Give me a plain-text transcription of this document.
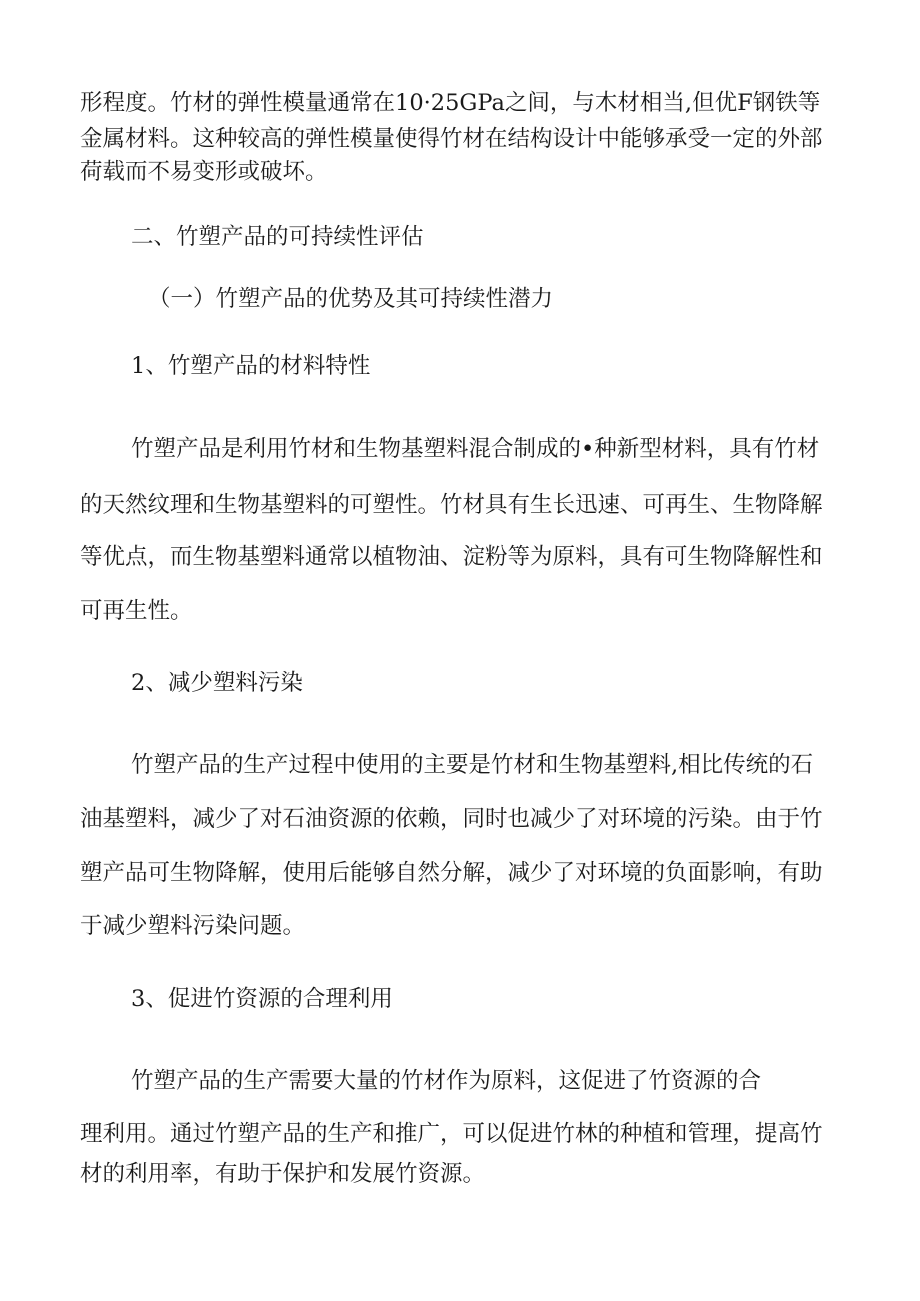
形程度。竹材的弹性模量通常在10·25GPa之间，与木材相当,但优F钢铁等
金属材料。这种较高的弹性模量使得竹材在结构设计中能够承受一定的外部
荷载而不易变形或破坏。
二、竹塑产品的可持续性评估
（一）竹塑产品的优势及其可持续性潜力
1、竹塑产品的材料特性
竹塑产品是利用竹材和生物基塑料混合制成的•种新型材料，具有竹材
的天然纹理和生物基塑料的可塑性。竹材具有生长迅速、可再生、生物降解
等优点，而生物基塑料通常以植物油、淀粉等为原料，具有可生物降解性和
可再生性。
2、减少塑料污染
竹塑产品的生产过程中使用的主要是竹材和生物基塑料,相比传统的石
油基塑料，减少了对石油资源的依赖，同时也减少了对环境的污染。由于竹
塑产品可生物降解，使用后能够自然分解，减少了对环境的负面影响，有助
于减少塑料污染问题。
3、促进竹资源的合理利用
竹塑产品的生产需要大量的竹材作为原料，这促进了竹资源的合
理利用。通过竹塑产品的生产和推广，可以促进竹林的种植和管理，提高竹
材的利用率，有助于保护和发展竹资源。
